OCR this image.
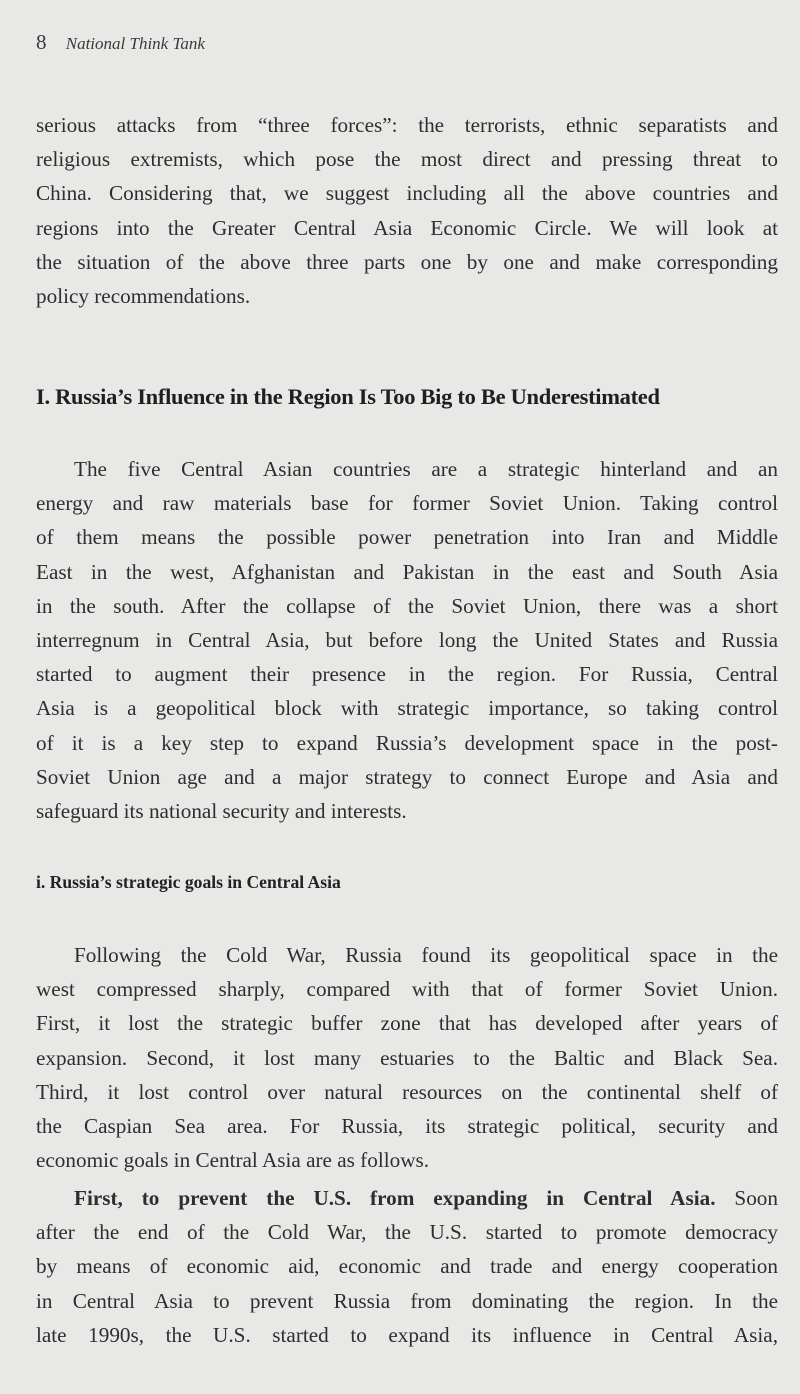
8 National Think Tank
serious attacks from “three forces”: the terrorists, ethnic separatists and
religious extremists, which pose the most direct and pressing threat to
China. Considering that, we suggest including all the above countries and
regions into the Greater Central Asia Economic Circle. We will look at
the situation of the above three parts one by one and make corresponding
policy recommendations.
I. Russia’s Influence in the Region Is Too Big to Be Underestimated
The five Central Asian countries are a strategic hinterland and an
energy and raw materials base for former Soviet Union. Taking control
of them means the possible power penetration into Iran and Middle
East in the west, Afghanistan and Pakistan in the east and South Asia
in the south. After the collapse of the Soviet Union, there was a short
interregnum in Central Asia, but before long the United States and Russia
started to augment their presence in the region. For Russia, Central
Asia is a geopolitical block with strategic importance, so taking control
of it is a key step to expand Russia’s development space in the post-
Soviet Union age and a major strategy to connect Europe and Asia and
safeguard its national security and interests.
i. Russia’s strategic goals in Central Asia
Following the Cold War, Russia found its geopolitical space in the
west compressed sharply, compared with that of former Soviet Union.
First, it lost the strategic buffer zone that has developed after years of
expansion. Second, it lost many estuaries to the Baltic and Black Sea.
Third, it lost control over natural resources on the continental shelf of
the Caspian Sea area. For Russia, its strategic political, security and
economic goals in Central Asia are as follows.
First, to prevent the U.S. from expanding in Central Asia. Soon
after the end of the Cold War, the U.S. started to promote democracy
by means of economic aid, economic and trade and energy cooperation
in Central Asia to prevent Russia from dominating the region. In the
late 1990s, the U.S. started to expand its influence in Central Asia,
